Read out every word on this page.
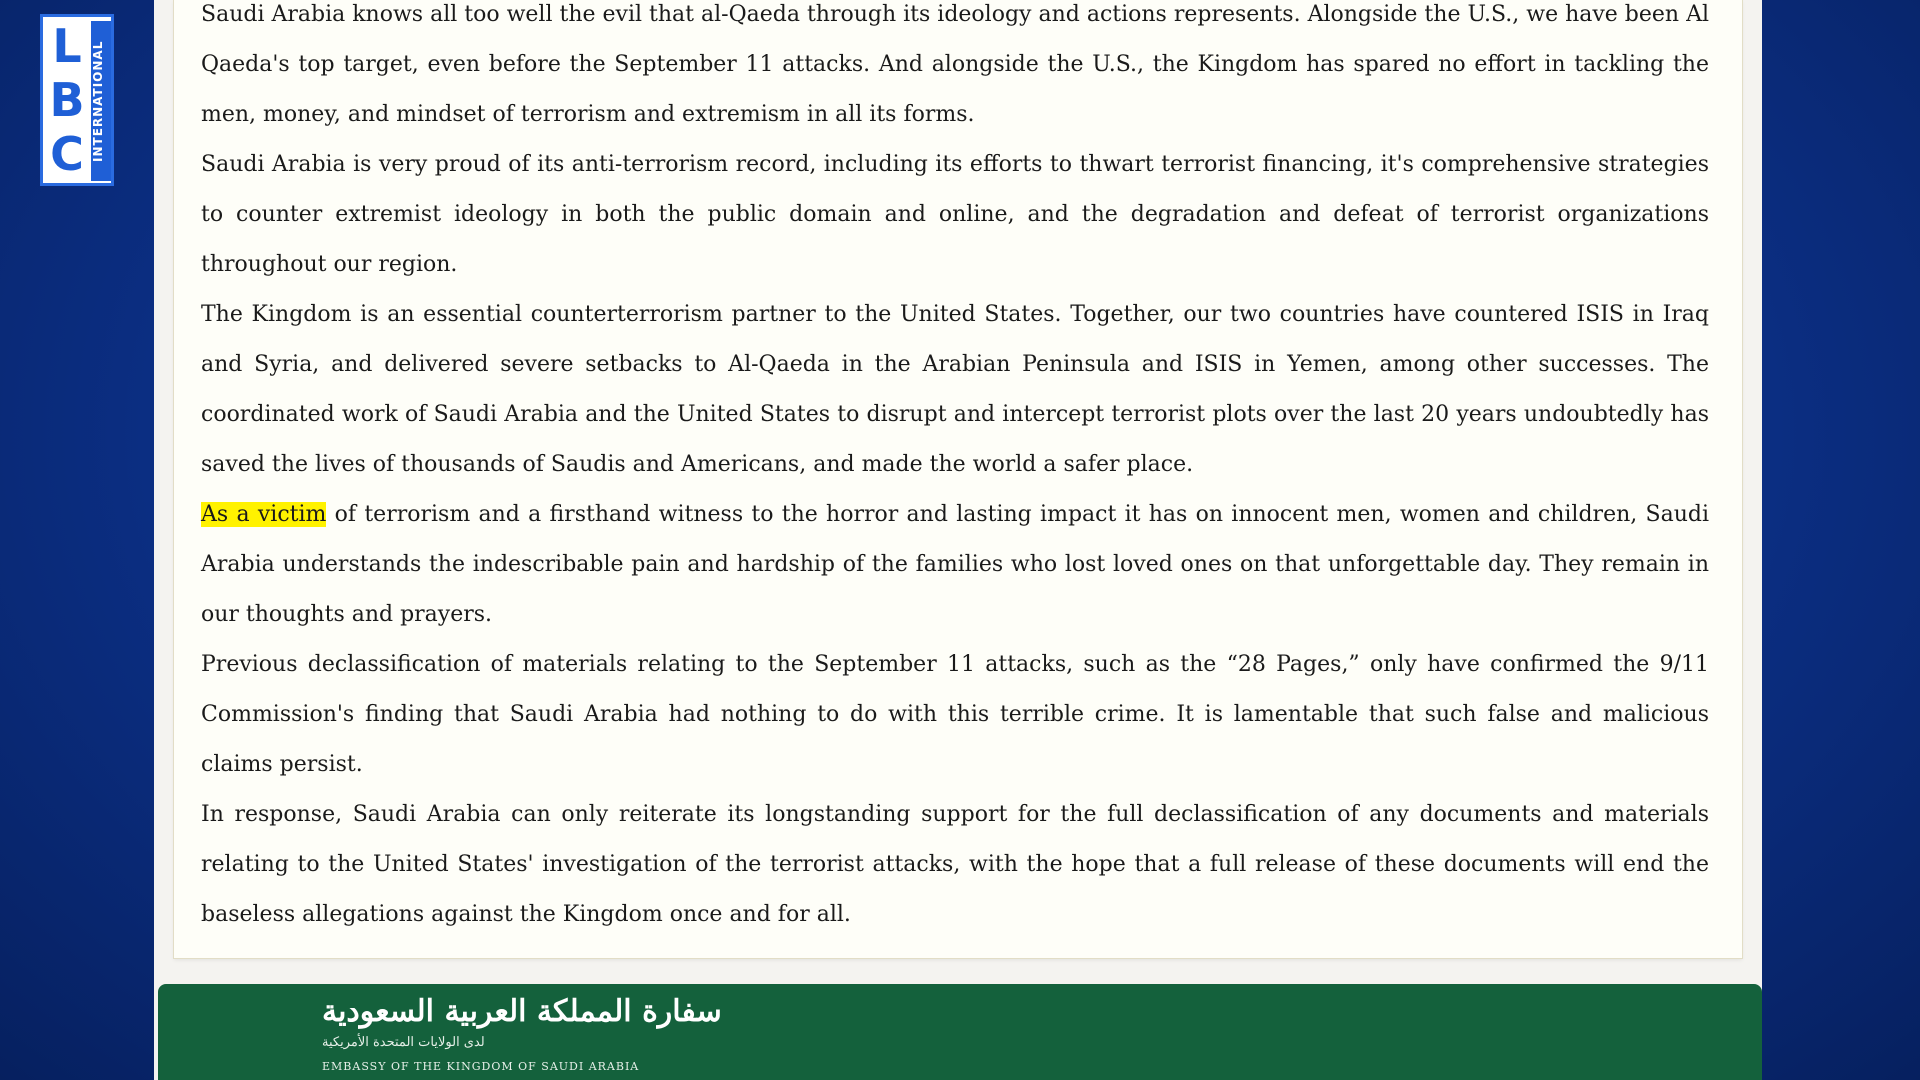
L
B
C INTERNATIONAL

Saudi Arabia knows all too well the evil that al-Qaeda through its ideology and actions represents. Alongside the U.S., we have been Al Qaeda's top target, even before the September 11 attacks. And alongside the U.S., the Kingdom has spared no effort in tackling the men, money, and mindset of terrorism and extremism in all its forms.

Saudi Arabia is very proud of its anti-terrorism record, including its efforts to thwart terrorist financing, it's comprehensive strategies to counter extremist ideology in both the public domain and online, and the degradation and defeat of terrorist organizations throughout our region.

The Kingdom is an essential counterterrorism partner to the United States. Together, our two countries have countered ISIS in Iraq and Syria, and delivered severe setbacks to Al-Qaeda in the Arabian Peninsula and ISIS in Yemen, among other successes. The coordinated work of Saudi Arabia and the United States to disrupt and intercept terrorist plots over the last 20 years undoubtedly has saved the lives of thousands of Saudis and Americans, and made the world a safer place.

As a victim of terrorism and a firsthand witness to the horror and lasting impact it has on innocent men, women and children, Saudi Arabia understands the indescribable pain and hardship of the families who lost loved ones on that unforgettable day. They remain in our thoughts and prayers.

Previous declassification of materials relating to the September 11 attacks, such as the “28 Pages,” only have confirmed the 9/11 Commission's finding that Saudi Arabia had nothing to do with this terrible crime. It is lamentable that such false and malicious claims persist.

In response, Saudi Arabia can only reiterate its longstanding support for the full declassification of any documents and materials relating to the United States' investigation of the terrorist attacks, with the hope that a full release of these documents will end the baseless allegations against the Kingdom once and for all.

سفارة المملكة العربية السعودية
لدى الولايات المتحدة الأمريكية
EMBASSY OF THE KINGDOM OF SAUDI ARABIA
